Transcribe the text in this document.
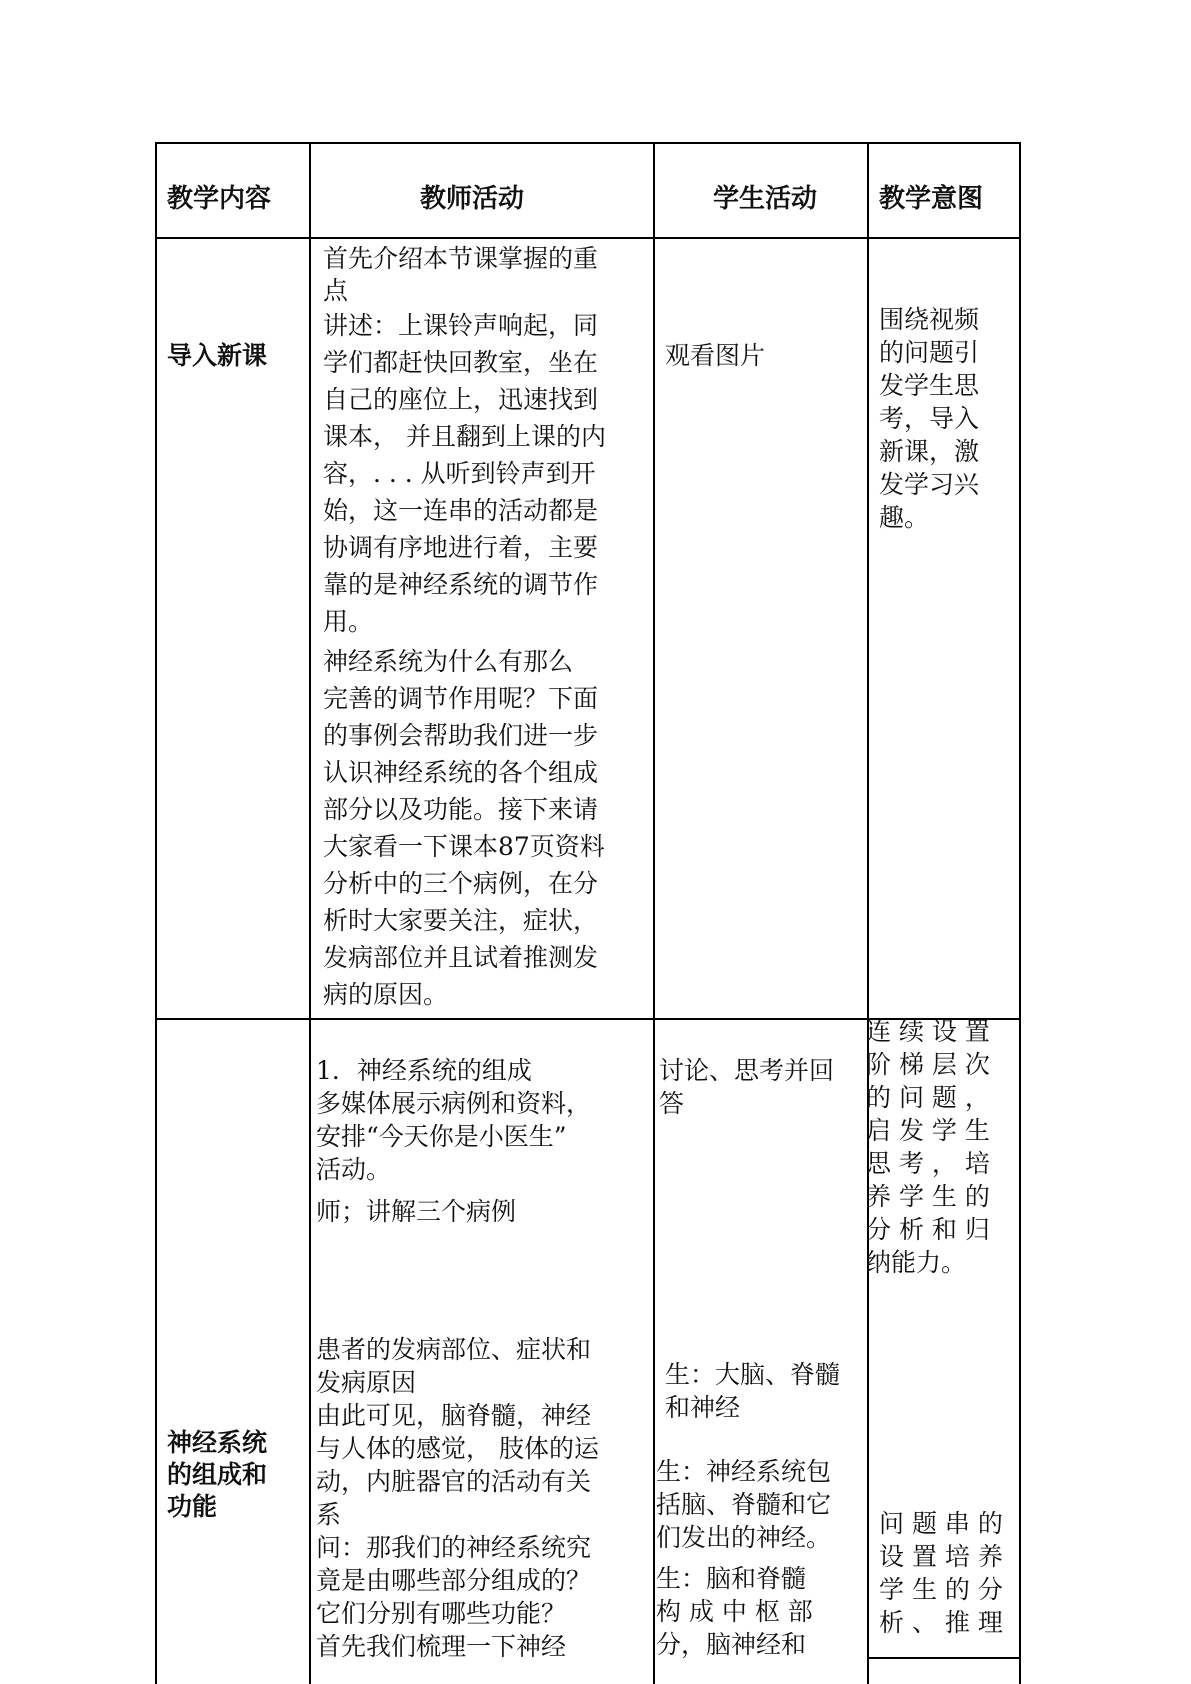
教学内容	教师活动	学生活动 教学意图
导入新课
首先介绍本节课掌握的重
点
讲述：上课铃声响起，同
学们都赶快回教室，坐在
自己的座位上，迅速找到
课本， 并且翻到上课的内
容，. . . 从听到铃声到开
始，这一连串的活动都是
协调有序地进行着，主要
靠的是神经系统的调节作
用。
神经系统为什么有那么
完善的调节作用呢？下面
的事例会帮助我们进一步
认识神经系统的各个组成
部分以及功能。接下来请
大家看一下课本87页资料
分析中的三个病例，在分
析时大家要关注，症状，
发病部位并且试着推测发
病的原因。
观看图片
围绕视频
的问题引
发学生思
考，导入
新课，激
发学习兴
趣。
神经系统
的组成和
功能
1．神经系统的组成
多媒体展示病例和资料，
安排“今天你是小医生”
活动。
师；讲解三个病例
患者的发病部位、症状和
发病原因
由此可见，脑脊髓，神经
与人体的感觉， 肢体的运
动，内脏器官的活动有关
系
问：那我们的神经系统究
竟是由哪些部分组成的？
它们分别有哪些功能？
首先我们梳理一下神经
讨论、思考并回
答
生：大脑、脊髓
和神经
生：神经系统包
括脑、脊髓和它
们发出的神经。
生：脑和脊髓
构 成 中 枢 部
分，脑神经和
连 续 设 置
阶 梯 层 次
的 问 题 ，
启 发 学 生
思 考 ， 培
养 学 生 的
分 析 和 归
纳能力。
问 题 串 的
设 置 培 养
学 生 的 分
析 、 推 理
